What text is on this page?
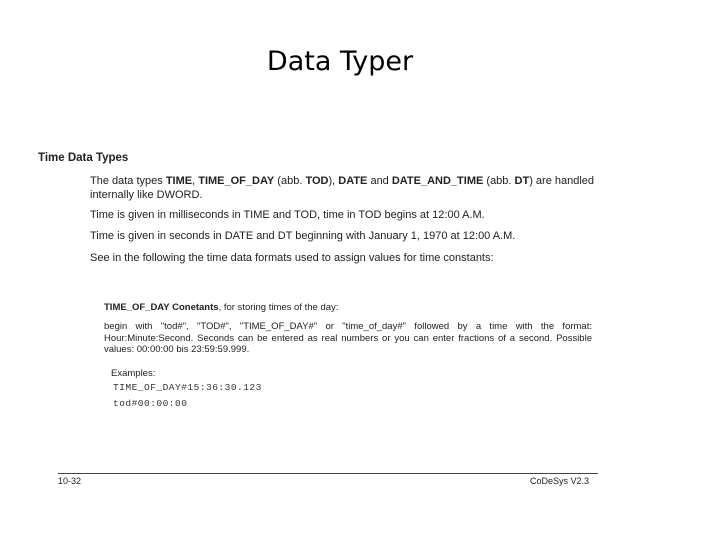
Data Typer
Time Data Types
The data types TIME, TIME_OF_DAY (abb. TOD), DATE and DATE_AND_TIME (abb. DT) are handled internally like DWORD.
Time is given in milliseconds in TIME and TOD, time in TOD begins at 12:00 A.M.
Time is given in seconds in DATE and DT beginning with January 1, 1970 at 12:00 A.M.
See in the following the time data formats used to assign values for time constants:
TIME_OF_DAY Conetants, for storing times of the day:
begin with "tod#", "TOD#", "TIME_OF_DAY#" or "time_of_day#" followed by a time with the format: Hour:Minute:Second. Seconds can be entered as real numbers or you can enter fractions of a second. Possible values: 00:00:00 bis 23:59:59.999.
Examples:
TIME_OF_DAY#15:36:30.123
tod#00:00:00
10-32	CoDeSys V2.3
